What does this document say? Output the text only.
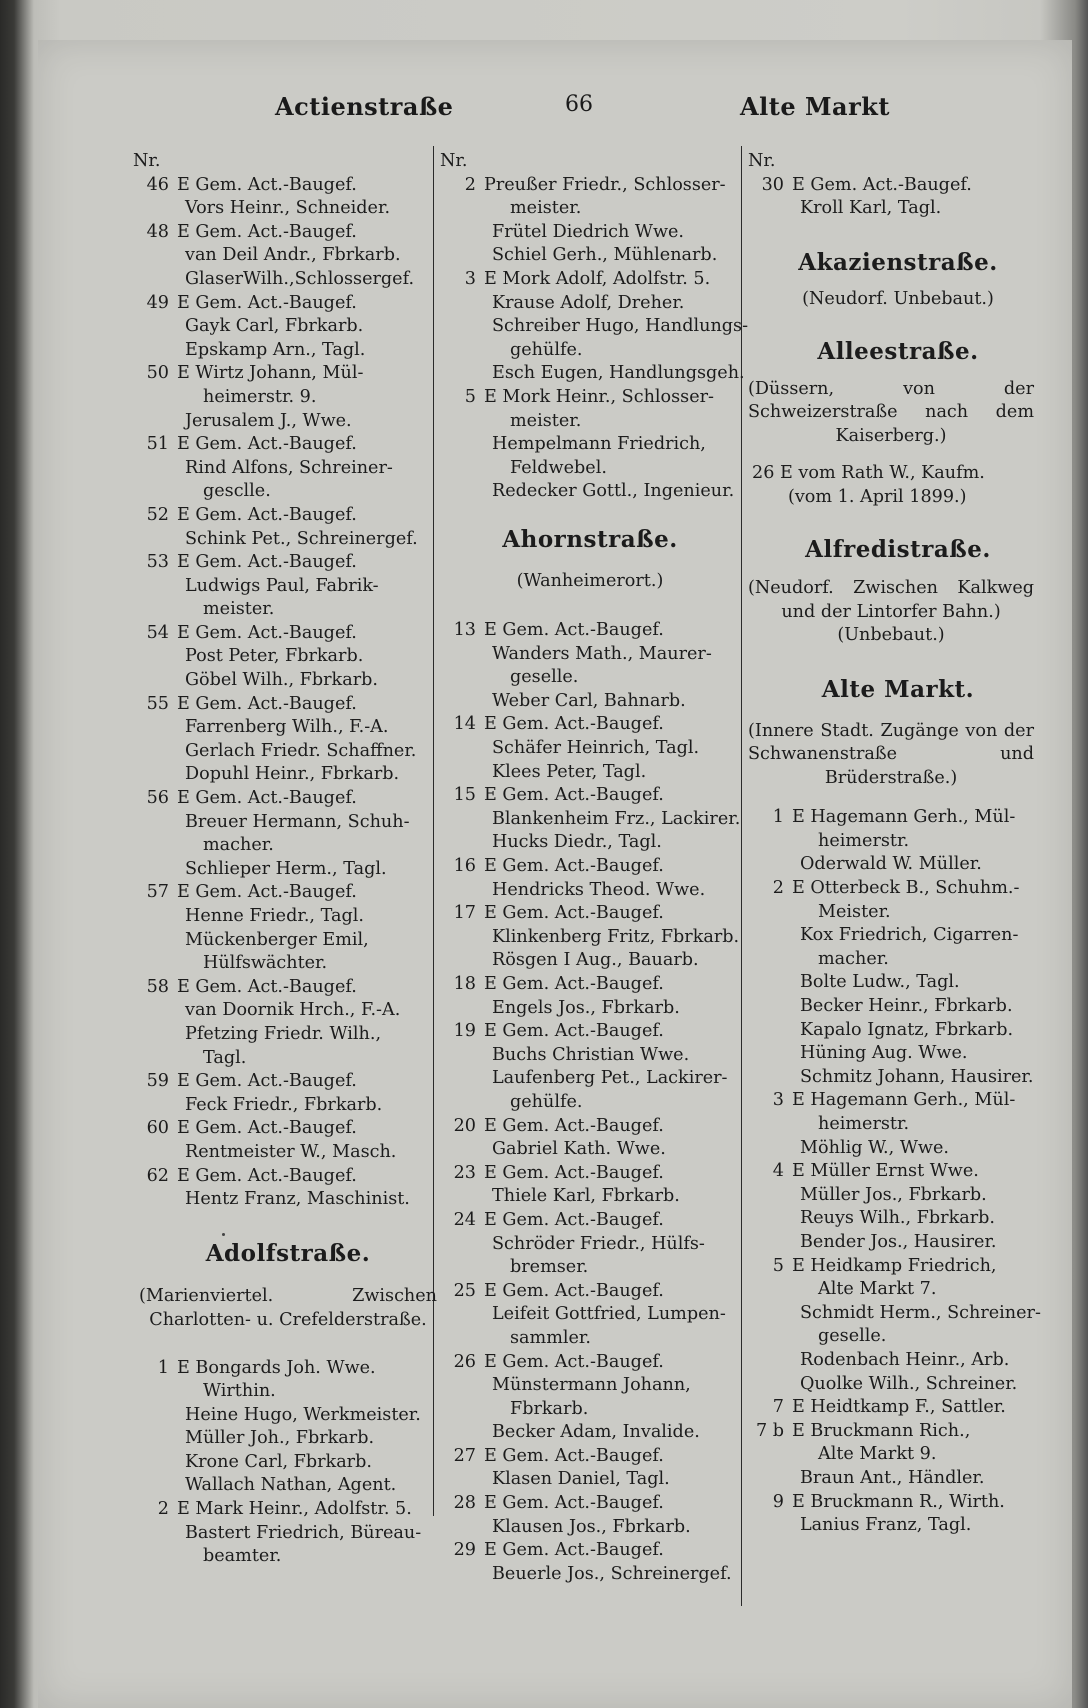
Actienstraße	66	Alte Markt
Nr.
46 E Gem. Act.-Baugef.
Vors Heinr., Schneider.
48 E Gem. Act.-Baugef.
van Deil Andr., Fbrkarb.
GlaserWilh.,Schlossergef.
49 E Gem. Act.-Baugef.
Gayk Carl, Fbrkarb.
Epskamp Arn., Tagl.
50 E Wirtz Johann, Mül-
heimerstr. 9.
Jerusalem J., Wwe.
51 E Gem. Act.-Baugef.
Rind Alfons, Schreiner-
gesclle.
52 E Gem. Act.-Baugef.
Schink Pet., Schreinergef.
53 E Gem. Act.-Baugef.
Ludwigs Paul, Fabrik-
meister.
54 E Gem. Act.-Baugef.
Post Peter, Fbrkarb.
Göbel Wilh., Fbrkarb.
55 E Gem. Act.-Baugef.
Farrenberg Wilh., F.-A.
Gerlach Friedr. Schaffner.
Dopuhl Heinr., Fbrkarb.
56 E Gem. Act.-Baugef.
Breuer Hermann, Schuh-
macher.
Schlieper Herm., Tagl.
57 E Gem. Act.-Baugef.
Henne Friedr., Tagl.
Mückenberger Emil,
Hülfswächter.
58 E Gem. Act.-Baugef.
van Doornik Hrch., F.-A.
Pfetzing Friedr. Wilh.,
Tagl.
59 E Gem. Act.-Baugef.
Feck Friedr., Fbrkarb.
60 E Gem. Act.-Baugef.
Rentmeister W., Masch.
62 E Gem. Act.-Baugef.
Hentz Franz, Maschinist.
Adolfstraße.
(Marienviertel. Zwischen Charlotten- u. Crefelderstraße.
1 E Bongards Joh. Wwe.
Wirthin.
Heine Hugo, Werkmeister.
Müller Joh., Fbrkarb.
Krone Carl, Fbrkarb.
Wallach Nathan, Agent.
2 E Mark Heinr., Adolfstr. 5.
Bastert Friedrich, Büreau-
beamter.
Nr.
2 Preußer Friedr., Schlosser-
meister.
Frütel Diedrich Wwe.
Schiel Gerh., Mühlenarb.
3 E Mork Adolf, Adolfstr. 5.
Krause Adolf, Dreher.
Schreiber Hugo, Handlungs-
gehülfe.
Esch Eugen, Handlungsgeh.
5 E Mork Heinr., Schlosser-
meister.
Hempelmann Friedrich,
Feldwebel.
Redecker Gottl., Ingenieur.
Ahornstraße.
(Wanheimerort.)
13 E Gem. Act.-Baugef.
Wanders Math., Maurer-
geselle.
Weber Carl, Bahnarb.
14 E Gem. Act.-Baugef.
Schäfer Heinrich, Tagl.
Klees Peter, Tagl.
15 E Gem. Act.-Baugef.
Blankenheim Frz., Lackirer.
Hucks Diedr., Tagl.
16 E Gem. Act.-Baugef.
Hendricks Theod. Wwe.
17 E Gem. Act.-Baugef.
Klinkenberg Fritz, Fbrkarb.
Rösgen I Aug., Bauarb.
18 E Gem. Act.-Baugef.
Engels Jos., Fbrkarb.
19 E Gem. Act.-Baugef.
Buchs Christian Wwe.
Laufenberg Pet., Lackirer-
gehülfe.
20 E Gem. Act.-Baugef.
Gabriel Kath. Wwe.
23 E Gem. Act.-Baugef.
Thiele Karl, Fbrkarb.
24 E Gem. Act.-Baugef.
Schröder Friedr., Hülfs-
bremser.
25 E Gem. Act.-Baugef.
Leifeit Gottfried, Lumpen-
sammler.
26 E Gem. Act.-Baugef.
Münstermann Johann,
Fbrkarb.
Becker Adam, Invalide.
27 E Gem. Act.-Baugef.
Klasen Daniel, Tagl.
28 E Gem. Act.-Baugef.
Klausen Jos., Fbrkarb.
29 E Gem. Act.-Baugef.
Beuerle Jos., Schreinergef.
Nr.
30 E Gem. Act.-Baugef.
Kroll Karl, Tagl.
Akazienstraße.
(Neudorf. Unbebaut.)
Alleestraße.
(Düssern, von der Schweizerstraße nach dem Kaiserberg.)
26 E vom Rath W., Kaufm.
(vom 1. April 1899.)
Alfredistraße.
(Neudorf. Zwischen Kalkweg und der Lintorfer Bahn.)
(Unbebaut.)
Alte Markt.
(Innere Stadt. Zugänge von der Schwanenstraße und Brüderstraße.)
1 E Hagemann Gerh., Mül-
heimerstr.
Oderwald W. Müller.
2 E Otterbeck B., Schuhm.-
Meister.
Kox Friedrich, Cigarren-
macher.
Bolte Ludw., Tagl.
Becker Heinr., Fbrkarb.
Kapalo Ignatz, Fbrkarb.
Hüning Aug. Wwe.
Schmitz Johann, Hausirer.
3 E Hagemann Gerh., Mül-
heimerstr.
Möhlig W., Wwe.
4 E Müller Ernst Wwe.
Müller Jos., Fbrkarb.
Reuys Wilh., Fbrkarb.
Bender Jos., Hausirer.
5 E Heidkamp Friedrich,
Alte Markt 7.
Schmidt Herm., Schreiner-
geselle.
Rodenbach Heinr., Arb.
Quolke Wilh., Schreiner.
7 E Heidtkamp F., Sattler.
7 b E Bruckmann Rich.,
Alte Markt 9.
Braun Ant., Händler.
9 E Bruckmann R., Wirth.
Lanius Franz, Tagl.
